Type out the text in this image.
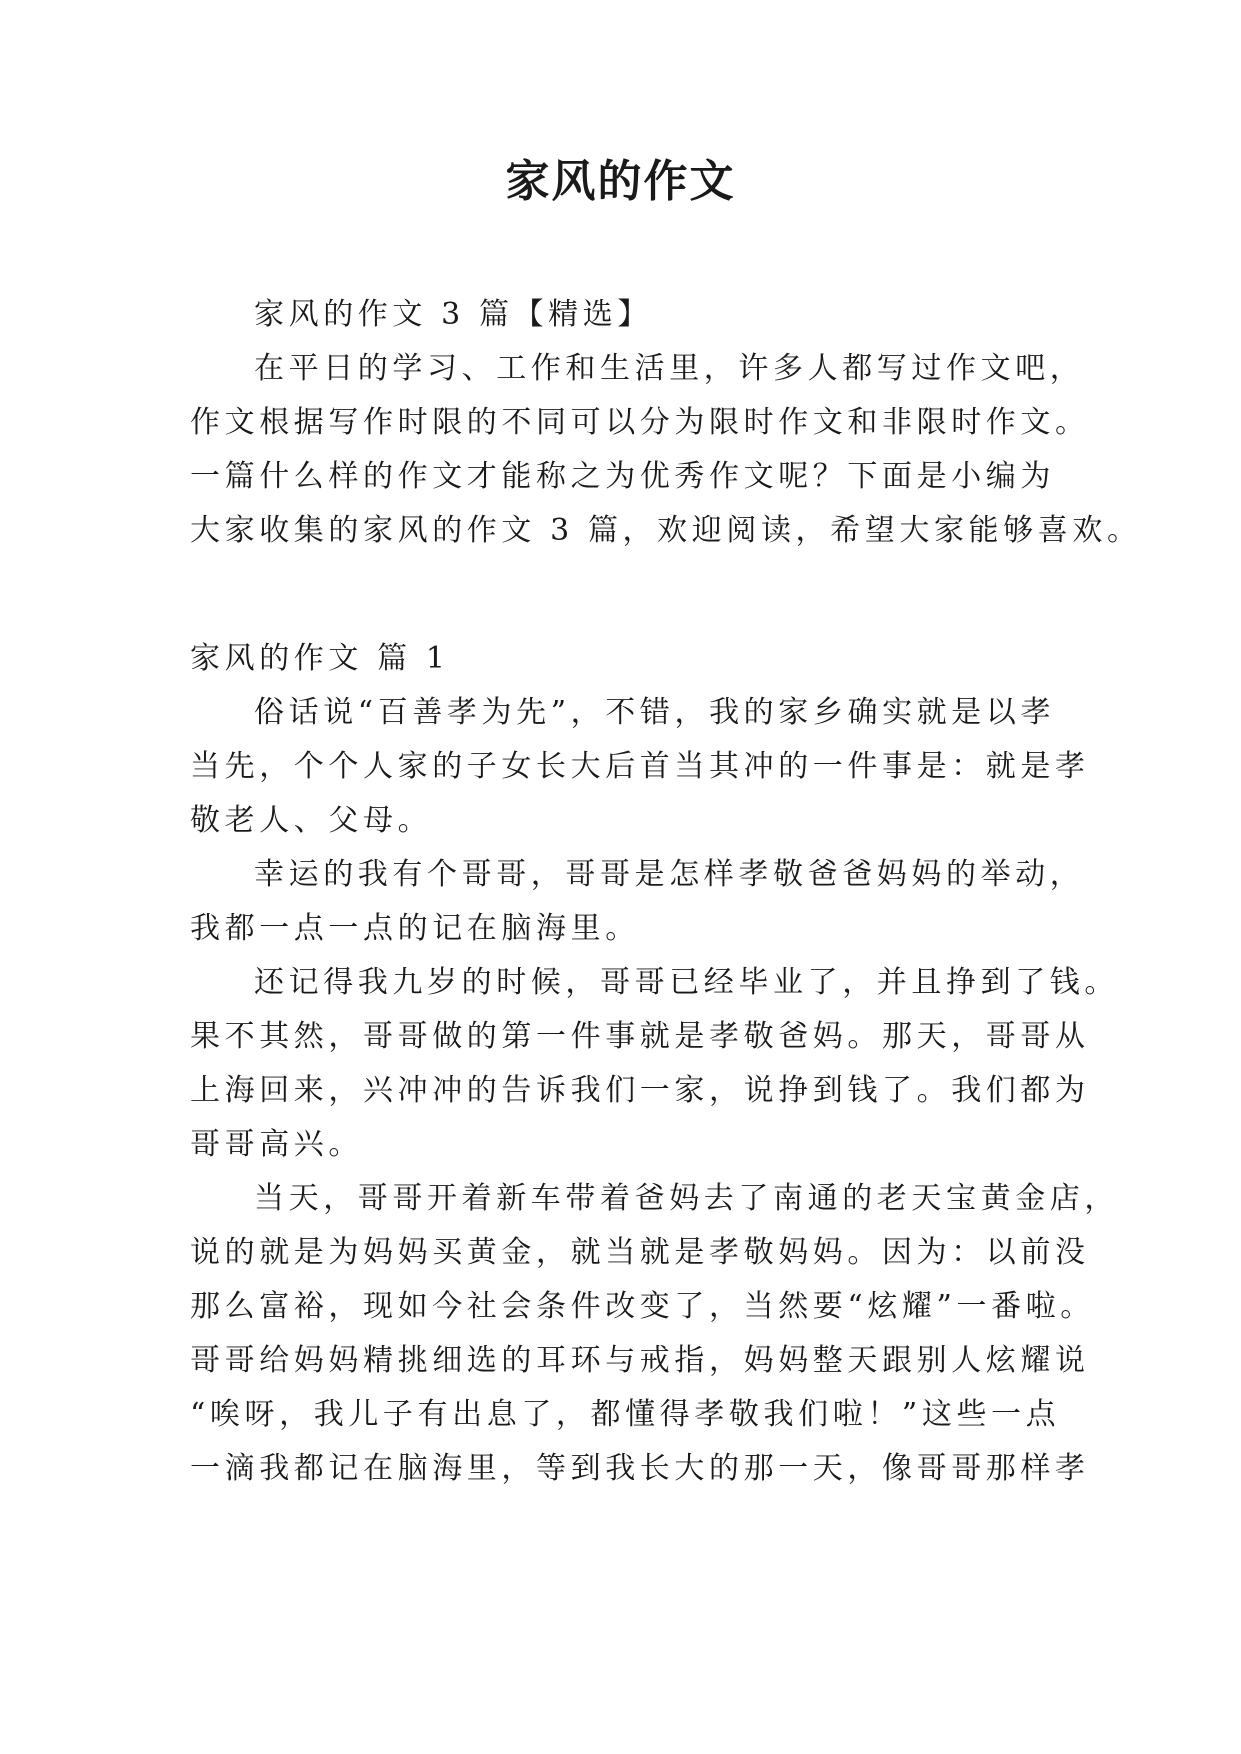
家风的作文
家风的作文 3 篇【精选】
在平日的学习、工作和生活里，许多人都写过作文吧，
作文根据写作时限的不同可以分为限时作文和非限时作文。
一篇什么样的作文才能称之为优秀作文呢？下面是小编为
大家收集的家风的作文 3 篇，欢迎阅读，希望大家能够喜欢。
家风的作文 篇 1
俗话说“百善孝为先”，不错，我的家乡确实就是以孝
当先，个个人家的子女长大后首当其冲的一件事是：就是孝
敬老人、父母。
幸运的我有个哥哥，哥哥是怎样孝敬爸爸妈妈的举动，
我都一点一点的记在脑海里。
还记得我九岁的时候，哥哥已经毕业了，并且挣到了钱。
果不其然，哥哥做的第一件事就是孝敬爸妈。那天，哥哥从
上海回来，兴冲冲的告诉我们一家，说挣到钱了。我们都为
哥哥高兴。
当天，哥哥开着新车带着爸妈去了南通的老天宝黄金店，
说的就是为妈妈买黄金，就当就是孝敬妈妈。因为：以前没
那么富裕，现如今社会条件改变了，当然要“炫耀”一番啦。
哥哥给妈妈精挑细选的耳环与戒指，妈妈整天跟别人炫耀说
“唉呀，我儿子有出息了，都懂得孝敬我们啦！”这些一点
一滴我都记在脑海里，等到我长大的那一天，像哥哥那样孝
